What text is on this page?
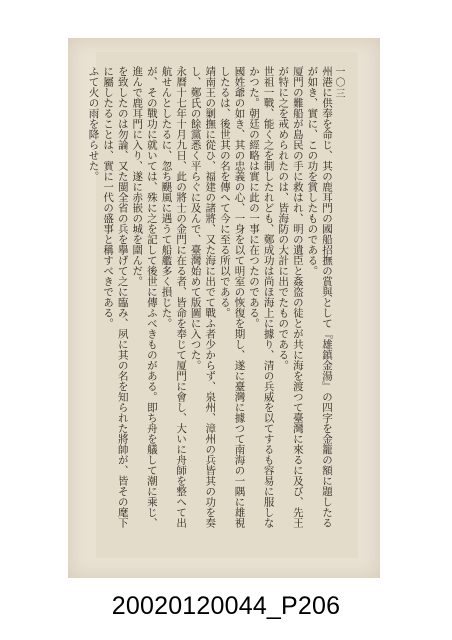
一〇三

州港に供奉を命じ、其の鹿耳門の國船招撫の賞與として『雄鎮金湯』の四字を金籠の額に題したるが如き、實に、この功を賞したものである。

厦門の難船が島民の手に救はれ、明の遺臣と姦盗の徒とが共に海を渡つて臺灣に來るに及び、先王が特に之を戒められたのは、皆海防の大計に出でたものである。

世祖一戰、能く之を制したれども、鄭成功は尚ほ海上に據り、清の兵威を以てするも容易に服しなかつた。朝廷の經略は實に此の一事に在つたのである。

國姓爺の如き、其の忠義の心、一身を以て明室の恢復を期し、遂に臺灣に據つて南海の一隅に雄視したるは、後世其の名を傳へて今に至る所以である。

靖南王の剿撫に從ひ、福建の諸將、又た海に出でて戰ふ者少からず、泉州、漳州の兵皆其の功を奏し、鄭氏の餘黨悉く平らぐに及んで、臺灣始めて版圖に入つた。

永曆十七年十月九日、此の將士の金門に在る者、皆命を奉じて厦門に會し、大いに舟師を整へて出航せんとしたるに、忽ち颶風に遇うて船艦多く損じた。

が、その戰功に就いては、殊に之を記して後世に傳ふべきものがある。即ち舟を艤して潮に乘じ、進んで鹿耳門に入り、遂に赤嵌の城を圍んだ。

を致したのは勿論、又た閩全省の兵を擧げて之に臨み、夙に其の名を知られた將帥が、皆その麾下に屬したることは、實に一代の盛事と稱すべきである。

ふて火の雨を降らせた。

20020120044_P206
